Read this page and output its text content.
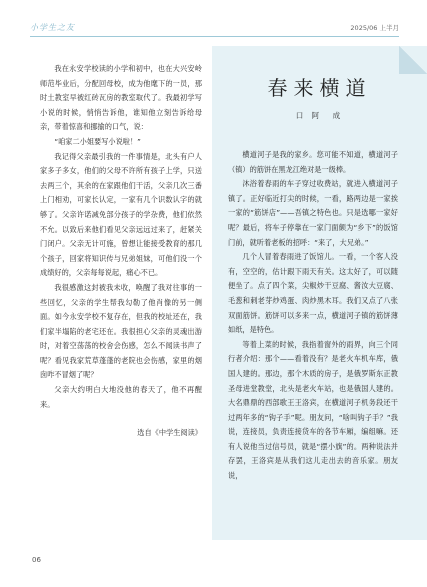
小学生之友	2025/06 上半月

我在永安学校读的小学和初中，也在大兴安岭师范毕业后，分配回母校，成为他麾下的一员，那时土教室早被红砖瓦房的教室取代了。我最初学写小说的时候，悄悄告诉他，谁知他立刻告诉给母亲，带着惊喜和挪揄的口气，说：

“咱家二小姐要写小说啦！”

我记得父亲最引我的一件事情是，北头有户人家多子多女，他们的父母不许所有孩子上学，只送去两三个，其余的在家跟他们干活，父亲几次三番上门相劝，可家长认定，一家有几个识数认字的就够了。父亲许诺减免部分孩子的学杂费，他们依然不允。以致后来他们看见父亲远远过来了，赶紧关门闭户。父亲无计可施，曾想让能接受教育的那几个孩子，回家将知识传与兄弟姐妹，可他们没一个成绩好的，父亲每每说起，痛心不已。

我很感激这封被我未收，唤醒了我对往事的一些回忆，父亲的学生帮我勾勒了他肖像的另一侧面。如今永安学校不复存在，但我的校址还在，我们家半塌陷的老宅还在。我很担心父亲的灵魂出游时，对着空荡荡的校舍会伤感，怎么不闻读书声了呢？看见我家荒草蓬蓬的老院也会伤感，家里的烟囱咋不冒烟了呢？

父亲大约明白大地没他的春天了，他不再醒来。

选自《中学生阅读》
春来横道
口 阿　成

横道河子是我的家乡。您可能不知道，横道河子（镇）的筋饼在黑龙江绝对是一级棒。

沐浴着春雨的车子穿过收费站，就进入横道河子镇了。正好临近打尖的时候，一看，路两边是一家挨一家的“筋饼店”——吾镇之特色也。只是选哪一家好呢？最后，将车子停靠在一家门面颇为“乡下”的饭馆门前，就听着老板的招呼：“来了，大兄弟。”

几个人冒着春雨进了饭馆儿。一看，一个客人没有，空空的，估计跟下雨天有关。这太好了，可以随便坐了。点了四个菜，尖椒炒干豆腐、酱汝大豆腐、毛葱和刺老芽炒鸡蛋、肉炒黑木耳。我们又点了八张双面筋饼。筋饼可以多来一点，横道河子镇的筋饼薄如纸，是特色。

等着上菜的时候，我指着窗外的雨界，向三个同行者介绍：那个——看着没有？是老火车机车库，俄国人建的。那边，那个木质的房子，是俄罗斯东正教圣母进堂教堂，北头是老火车站，也是俄国人建的。大名鼎鼎的西部歌王王洛宾，在横道河子机务段还干过两年多的“钩子手”呢。朋友问，“啥叫钩子手？”我说，连接员，负责连接货车的各节车厢，编组嘛。还有人说他当过信号员，就是“摆小旗”的。两种说法并存罢，王洛宾是从我们这儿走出去的音乐家。朋友说，

06
